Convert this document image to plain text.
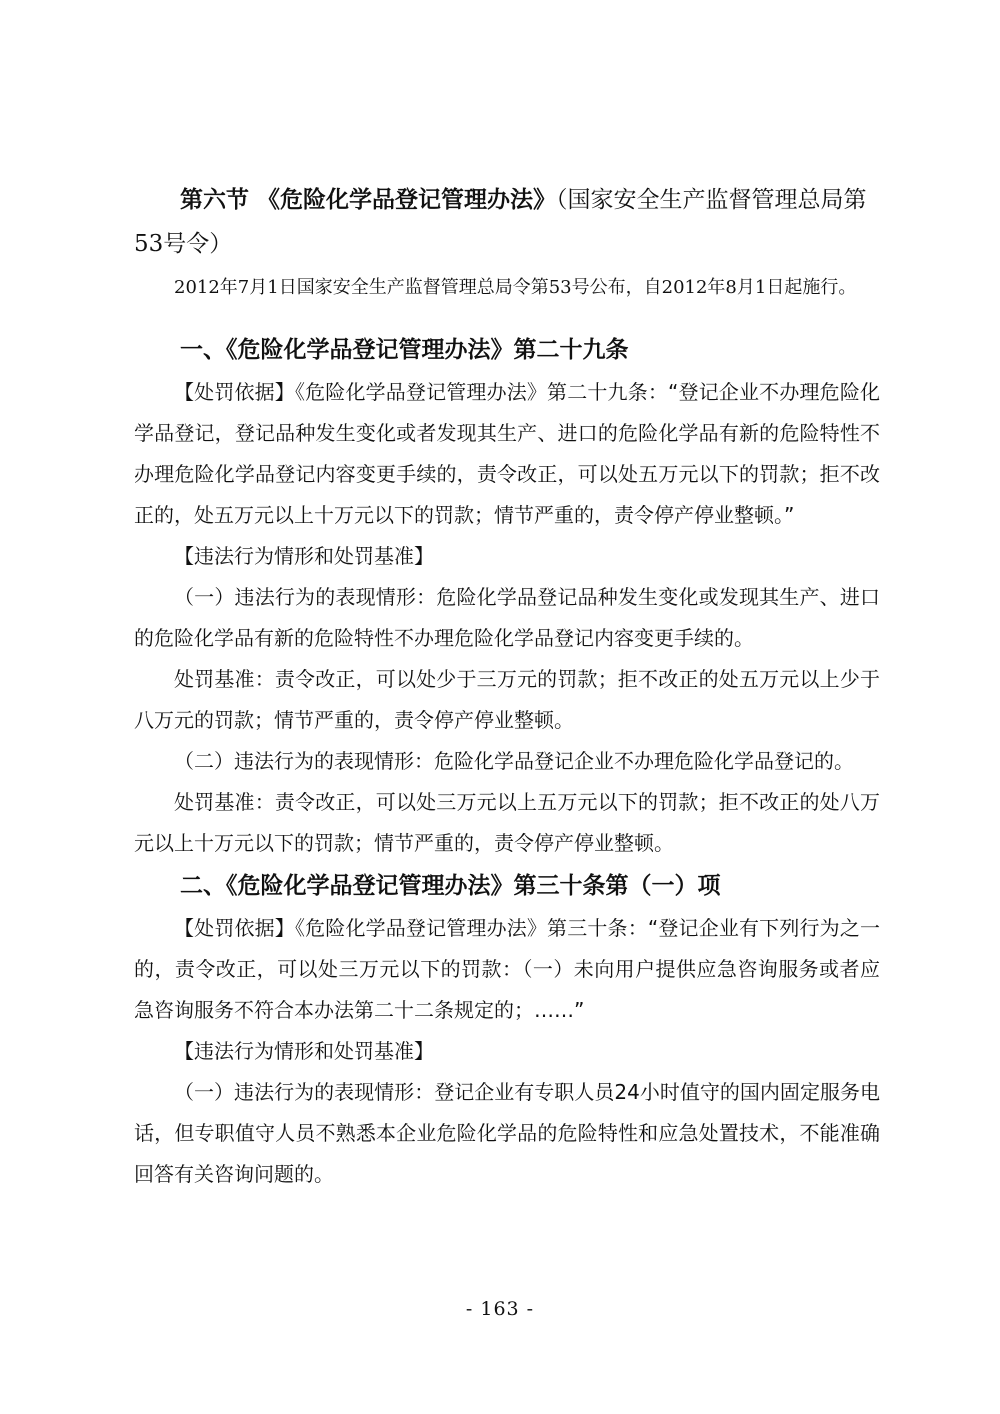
第六节 《危险化学品登记管理办法》（国家安全生产监督管理总局第53号令）

2012年7月1日国家安全生产监督管理总局令第53号公布，自2012年8月1日起施行。

一、《危险化学品登记管理办法》第二十九条

【处罚依据】《危险化学品登记管理办法》第二十九条：“登记企业不办理危险化学品登记，登记品种发生变化或者发现其生产、进口的危险化学品有新的危险特性不办理危险化学品登记内容变更手续的，责令改正，可以处五万元以下的罚款；拒不改正的，处五万元以上十万元以下的罚款；情节严重的，责令停产停业整顿。”

【违法行为情形和处罚基准】

（一）违法行为的表现情形：危险化学品登记品种发生变化或发现其生产、进口的危险化学品有新的危险特性不办理危险化学品登记内容变更手续的。

处罚基准：责令改正，可以处少于三万元的罚款；拒不改正的处五万元以上少于八万元的罚款；情节严重的，责令停产停业整顿。

（二）违法行为的表现情形：危险化学品登记企业不办理危险化学品登记的。

处罚基准：责令改正，可以处三万元以上五万元以下的罚款；拒不改正的处八万元以上十万元以下的罚款；情节严重的，责令停产停业整顿。

二、《危险化学品登记管理办法》第三十条第（一）项

【处罚依据】《危险化学品登记管理办法》第三十条：“登记企业有下列行为之一的，责令改正，可以处三万元以下的罚款：（一）未向用户提供应急咨询服务或者应急咨询服务不符合本办法第二十二条规定的；……”

【违法行为情形和处罚基准】

（一）违法行为的表现情形：登记企业有专职人员24小时值守的国内固定服务电话，但专职值守人员不熟悉本企业危险化学品的危险特性和应急处置技术，不能准确回答有关咨询问题的。

- 163 -
